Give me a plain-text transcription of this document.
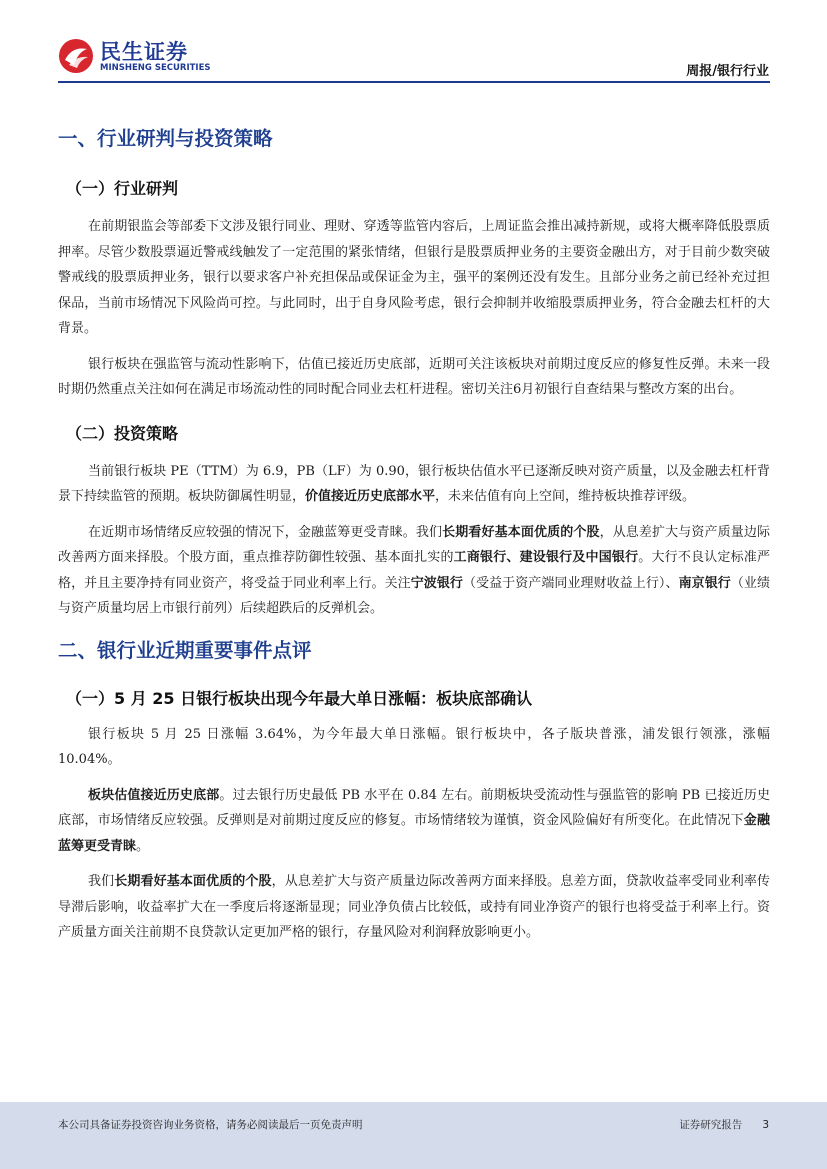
民生证券
MINSHENG SECURITIES	周报/银行行业
一、行业研判与投资策略
（一）行业研判

在前期银监会等部委下文涉及银行同业、理财、穿透等监管内容后，上周证监会推出减持新规，或将大概率降低股票质押率。尽管少数股票逼近警戒线触发了一定范围的紧张情绪，但银行是股票质押业务的主要资金融出方，对于目前少数突破警戒线的股票质押业务，银行以要求客户补充担保品或保证金为主，强平的案例还没有发生。且部分业务之前已经补充过担保品，当前市场情况下风险尚可控。与此同时，出于自身风险考虑，银行会抑制并收缩股票质押业务，符合金融去杠杆的大背景。

银行板块在强监管与流动性影响下，估值已接近历史底部，近期可关注该板块对前期过度反应的修复性反弹。未来一段时期仍然重点关注如何在满足市场流动性的同时配合同业去杠杆进程。密切关注6月初银行自查结果与整改方案的出台。

（二）投资策略

当前银行板块 PE（TTM）为 6.9，PB（LF）为 0.90，银行板块估值水平已逐渐反映对资产质量，以及金融去杠杆背景下持续监管的预期。板块防御属性明显，价值接近历史底部水平，未来估值有向上空间，维持板块推荐评级。

在近期市场情绪反应较强的情况下，金融蓝筹更受青睐。我们长期看好基本面优质的个股，从息差扩大与资产质量边际改善两方面来择股。个股方面，重点推荐防御性较强、基本面扎实的工商银行、建设银行及中国银行。大行不良认定标准严格，并且主要净持有同业资产，将受益于同业利率上行。关注宁波银行（受益于资产端同业理财收益上行）、南京银行（业绩与资产质量均居上市银行前列）后续超跌后的反弹机会。

二、银行业近期重要事件点评
（一）5 月 25 日银行板块出现今年最大单日涨幅：板块底部确认

银行板块 5 月 25 日涨幅 3.64%，为今年最大单日涨幅。银行板块中，各子版块普涨，浦发银行领涨，涨幅 10.04%。

板块估值接近历史底部。过去银行历史最低 PB 水平在 0.84 左右。前期板块受流动性与强监管的影响 PB 已接近历史底部，市场情绪反应较强。反弹则是对前期过度反应的修复。市场情绪较为谨慎，资金风险偏好有所变化。在此情况下金融蓝筹更受青睐。

我们长期看好基本面优质的个股，从息差扩大与资产质量边际改善两方面来择股。息差方面，贷款收益率受同业利率传导滞后影响，收益率扩大在一季度后将逐渐显现；同业净负债占比较低，或持有同业净资产的银行也将受益于利率上行。资产质量方面关注前期不良贷款认定更加严格的银行，存量风险对利润释放影响更小。

本公司具备证券投资咨询业务资格，请务必阅读最后一页免责声明	证券研究报告 3
